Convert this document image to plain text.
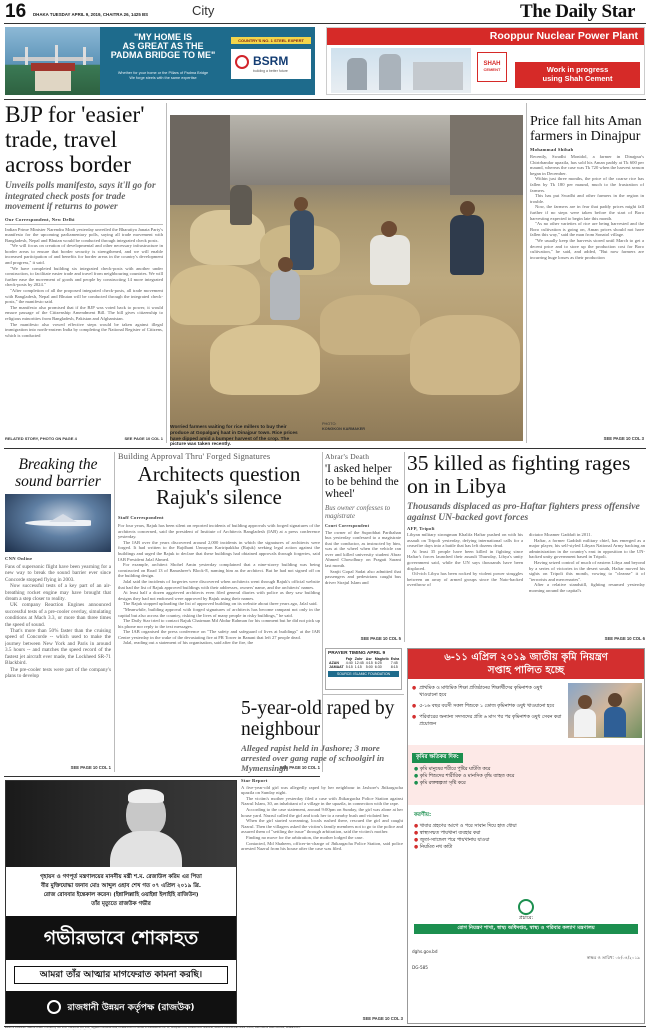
16 DHAKA TUESDAY APRIL 9, 2019, CHAITRA 26, 1425 BS	City	The Daily Star
"MY HOME IS
AS GREAT AS THE
PADMA BRIDGE TO ME"
Whether for your home or the Pillars of Padma Bridge
We forge steels with the same expertise
COUNTRY'S NO. 1 STEEL EXPERT
BSRM
building a better future
Rooppur Nuclear Power Plant
SHAH
CEMENT	Work in progress
using Shah Cement
BJP for 'easier' trade, travel across border
Unveils polls manifesto, says it'll go for integrated check posts for trade movement if returns to power
Our Correspondent, New Delhi

Indian Prime Minister Narendra Modi yesterday unveiled the Bharatiya Janata Party's manifesto for the upcoming parliamentary polls, saying all trade movement with Bangladesh, Nepal and Bhutan would be conducted through integrated check posts.

"We will focus on creation of developmental and other necessary infrastructure in border areas to ensure that border security is strengthened, and we will enable increased participation of and benefits for border areas in the country's development and progress," it said.

"We have completed building six integrated check-posts with another under construction, to facilitate easier trade and travel from neighbouring countries. We will further ease the movement of goods and people by constructing 14 more integrated check-posts by 2024."

"After completion of all the proposed integrated check-posts, all trade movement with Bangladesh, Nepal and Bhutan will be conducted through the integrated check-posts," the manifesto said.

The manifesto also promised that if the BJP was voted back to power, it would ensure passage of the Citizenship Amendment Bill. The bill gives citizenship to religious minorities from Bangladesh, Pakistan and Afghanistan.

The manifesto also vowed effective steps would be taken against illegal immigration into north-eastern India by completing the National Register of Citizens, which is conducted

RELATED STORY, PHOTO ON PAGE 4	SEE PAGE 10 COL 1
Worried farmers waiting for rice millers to buy their produce at Gopalganj haat in Dinajpur town. Rice prices have dipped amid a bumper harvest of the crop. The picture was taken recently.
PHOTO:
KONGKON KARMAKER
Price fall hits Aman farmers in Dinajpur
Mohammad Shihab

Recently, Swadhi Monidol, a farmer in Dinajpur's Chirirbandar upazila, has sold his Aman paddy at Tk 600 per maund, whereas the case was Tk 720 when the harvest season began in December.

Within just three months, the price of the coarse rice has fallen by Tk 180 per maund, much to the frustration of farmers.

This has put Swadhi and other farmers in the region in trouble.

Now, the farmers are in fear that paddy prices might fall further if no steps were taken before the start of Boro harvesting expected to begin late this month.

"As no other varieties of rice are being harvested and the Boro cultivation is going on, Aman prices should not have fallen this way," said the man from Sonatol village.

"We usually keep the harvests stored until March to get a decent price and to store up the production cost for Boro cultivation," he said, and added, "But now farmers are incurring huge losses as their production

SEE PAGE 10 COL 3
Breaking the
sound barrier
CNN Online

Fans of supersonic flight have been yearning for a new way to break the sound barrier ever since Concorde stopped flying in 2003.

Now successful tests of a key part of an air-breathing rocket engine may have brought that dream a step closer to reality.

UK company Reaction Engines announced successful tests of a pre-cooler overlay, simulating conditions at Mach 3.3, or more than three times the speed of sound.

That's more than 50% faster than the cruising speed of Concorde -- which used to make the journey between New York and Paris in around 3.5 hours -- and matches the speed record of the fastest jet aircraft ever made, the Lockheed SR-71 Blackbird.

The pre-cooler tests were part of the company's plans to develop

SEE PAGE 10 COL 1
Building Approval Thru' Forged Signatures
Architects question Rajuk's silence
Staff Correspondent

For four years, Rajuk has been silent on reported incidents of building approvals with forged signatures of the architects concerned, said the president of Institute of Architects Bangladesh (IAB) at a press conference yesterday.

The IAB over the years discovered around 2,000 incidents in which the signatures of architects were forged. It had written to the Rajdhani Unnayan Kartripakkha (Rajuk) seeking legal action against the buildings and urged the Rajuk to declare that these buildings had obtained approvals through forgeries, said IAB President Jalal Ahmed.

For example, architect Shohel Amin yesterday complained that a nine-storey building was being constructed on Road 13 of Banashree's Block-E, naming him as the architect. But he had not signed off on the building design.

Jalal said the incidents of forgeries were discovered when architects went through Rajuk's official website that had the list of Rajuk approved buildings with their addresses, owners' name, and the architects' names.

At least half a dozen aggrieved architects even filed general diaries with police as they saw building designs they had not endorsed were approved by Rajuk using their names.

The Rajuk stopped uploading the list of approved building on its website about three years ago, Jalal said.

"Meanwhile, building approval with forged signatures of architects has become rampant not only in the capital but also across the country, risking the lives of many people in risky buildings," he said.

The Daily Star tried to contact Rajuk Chairman Md Abdur Rahman for his comment but he did not pick up his phone nor reply to the text messages.

The IAB organised the press conference on "The safety and safeguard of lives at buildings" at the IAB Centre yesterday in the wake of the devastating fire at FR Tower in Banani that left 27 people dead.

Jalal, reading out a statement of his organisation, said after the fire, the

SEE PAGE 10 COL 1
Abrar's Death
'I asked helper to be behind the wheel'
Bus owner confesses to magistrate
Court Correspondent

The owner of the Suprobhat Paribahan bus yesterday confessed to a magistrate that the conductor, as instructed by him, was at the wheel when the vehicle ran over and killed university student Abrar Ahmed Chowdhury on Pragati Sarani last month.

Sanjit Gopal Sadat also admitted that passengers and pedestrians caught bus driver Sirajul Islam and

SEE PAGE 10 COL 5
PRAYER TIMING APRIL 9
	Fajr	Zohr	Asr	Maghrib	Esha
AZAN	4:40	12:45	4:15	6:25	7:45
JAMAAT	5:15	1:15	5:00	6:30	8:15
SOURCE: ISLAMIC FOUNDATION
35 killed as fighting rages on in Libya
Thousands displaced as pro-Haftar fighters press offensive against UN-backed govt forces
AFP, Tripoli

Libyan military strongman Khalifa Haftar pushed on with his assault on Tripoli yesterday, defying international calls for a ceasefire days into a battle that has left dozens dead.

At least 35 people have been killed in fighting since Haftar's forces launched their assault Thursday, Libya's unity government said, while the UN says thousands have been displaced.

Oil-rich Libya has been rocked by violent power struggles between an array of armed groups since the Nato-backed overthrow of

dictator Moamer Gaddafi in 2011.

Haftar, a former Gaddafi military chief, has emerged as a major player, his self-styled Libyan National Army backing an administration in the country's east in opposition to the UN-backed unity government based in Tripoli.

Having seized control of much of eastern Libya and beyond by a series of victories in the desert south, Haftar moved his sights on Tripoli this month, vowing to "cleanse" it of "terrorists and mercenaries".

After a relative standstill, fighting resumed yesterday morning around the capital's

SEE PAGE 10 COL 6
৬-১১ এপ্রিল ২০১৯ জাতীয় কৃমি নিয়ন্ত্রণ
সপ্তাহ পালিত হচ্ছে
● প্রাথমিক ও মাধ্যমিক শিক্ষা প্রতিষ্ঠানের শিক্ষার্থীদের কৃমিনাশক ওষুধ খাওয়ানো হবে
● ৫-১৬ বছর বয়সী সকল শিশুকে ১ ডোজ কৃমিনাশক ওষুধ খাওয়ানো হবে
● পরিবারের অন্যান্য সদস্যদের প্রতি ৬ মাস পর পর কৃমিনাশক ওষুধ সেবন করা প্রয়োজন
কৃমির ক্ষতিকর দিক:
● কৃমি মানুষের শরীরে পুষ্টির ঘাটতি করে
● কৃমি শিশুদের শারীরিক ও মানসিক বৃদ্ধি ব্যাহত করে
● কৃমি রক্তস্বল্পতা সৃষ্টি করে
করণীয়:
● খাবার গ্রহণের আগে ও পরে সাবান দিয়ে হাত ধোয়া
● স্বাস্থ্যসম্মত পায়খানা ব্যবহার করা
● জুতা-স্যান্ডেল পরে পায়খানায় যাওয়া
● নিয়মিত নখ কাটা
প্রচারে:
রোগ নিয়ন্ত্রণ শাখা, স্বাস্থ্য অধিদপ্তর, স্বাস্থ্য ও পরিবার কল্যাণ মন্ত্রণালয়
dghs.gov.bd
স্বাক্ষর ও তারিখ: ০৮/০৪/২০১৯
DG-585
5-year-old raped by neighbour
Alleged rapist held in Jashore; 3 more arrested over gang rape of schoolgirl in Mymensingh
Star Report

A five-year-old girl was allegedly raped by her neighbour in Jashore's Jhikargacha upazila on Sunday night.

The victim's mother yesterday filed a case with Jhikargacha Police Station against Nazrul Islam, 30, an inhabitant of a village in the upazila, in connection with the rape.

According to the case statement, around 9:00pm on Sunday, the girl was alone at her house yard. Nazrul called the girl and took her to a nearby bush and violated her.

When the girl started screaming, locals rushed there, rescued the girl and caught Nazrul. Then the villagers asked the victim's family members not to go to the police and assured them of "settling the issue" through arbitration, said the victim's mother.

Finding no move for the arbitration, the mother lodged the case.

Contacted, Md Shaheen, officer-in-charge of Jhikargacha Police Station, said police arrested Nazrul from his house after the case was filed.

SEE PAGE 10 COL 3
গৃহায়ন ও গণপূর্ত মন্ত্রণালয়ের মাননীয় মন্ত্রী শ.ম. রেজাউল করিম এর পিতা
বীর মুক্তিযোদ্ধা জনাব মোঃ আব্দুল ওহাব শেখ গত ০৭ এপ্রিল ২০১৯ খ্রি.
রোজ রোববার ইন্তেকাল করেন। (ইন্নালিল্লাহি ওয়াইন্না ইলাইহি রাজিউন)
তাঁর মৃত্যুতে রাজউক গভীর
গভীরভাবে শোকাহত
আমরা তাঁর আত্মার মাগফেরাত কামনা করছি।
রাজধানী উন্নয়ন কর্তৃপক্ষ (রাজউক)
Editor & Publisher: Mahfuz Anam. Printed by him from Transcraft Ltd. 229, Tejgaon Industrial Area, Dhaka-1208 on behalf of Mediaworld Ltd. 52, Motijheel C/A, Dhaka-1000. Editorial, News & Commercial Office: 64-65, Kazi Nazrul Islam Avenue, Dhaka-1215.
Tel: 09610222222 Advertisement: 8144330 Fax: 9144332, 58156306 Reg. No. DA 6231 E-mail: editor@thedailystar.net, reporting@thedailystar.net
